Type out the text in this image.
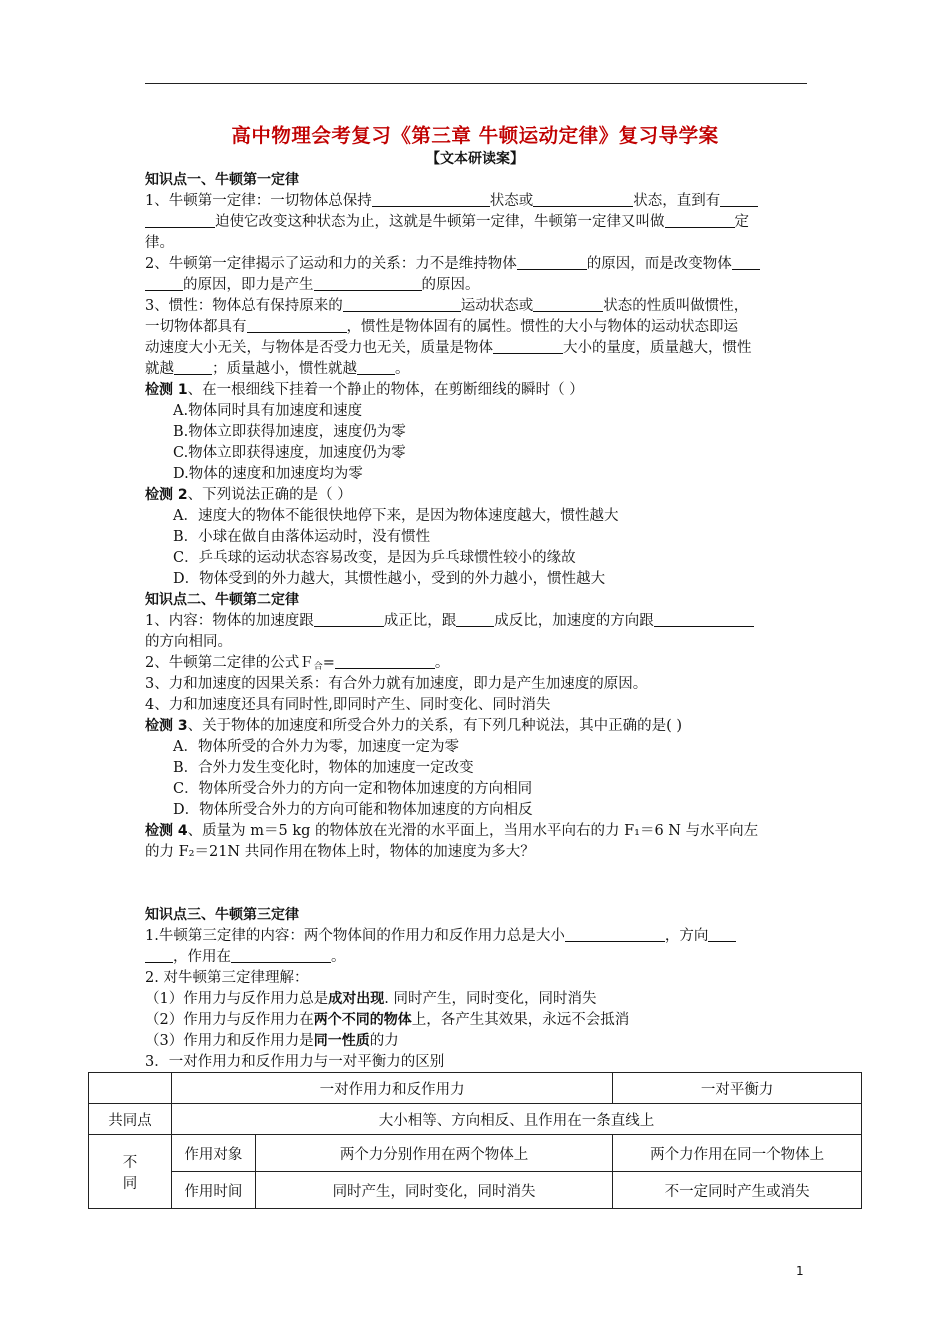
高中物理会考复习《第三章 牛顿运动定律》复习导学案
【文本研读案】
知识点一、牛顿第一定律
1、牛顿第一定律：一切物体总保持	状态或	状态，直到有
迫使它改变这种状态为止，这就是牛顿第一定律，牛顿第一定律又叫做	定
律。
2、牛顿第一定律揭示了运动和力的关系：力不是维持物体	的原因，而是改变物体
的原因，即力是产生	的原因。
3、惯性：物体总有保持原来的	运动状态或	状态的性质叫做惯性，
一切物体都具有	，惯性是物体固有的属性。惯性的大小与物体的运动状态即运
动速度大小无关，与物体是否受力也无关，质量是物体	大小的量度，质量越大，惯性
就越	；质量越小，惯性就越	。
检测 1、在一根细线下挂着一个静止的物体，在剪断细线的瞬时（ ）
A.物体同时具有加速度和速度
B.物体立即获得加速度，速度仍为零
C.物体立即获得速度，加速度仍为零
D.物体的速度和加速度均为零
检测 2、下列说法正确的是（ ）
A．速度大的物体不能很快地停下来，是因为物体速度越大，惯性越大
B．小球在做自由落体运动时，没有惯性
C．乒乓球的运动状态容易改变，是因为乒乓球惯性较小的缘故
D．物体受到的外力越大，其惯性越小，受到的外力越小，惯性越大
知识点二、牛顿第二定律
1、内容：物体的加速度跟	成正比，跟	成反比，加速度的方向跟
的方向相同。
2、牛顿第二定律的公式Ｆ$_合$=	。
3、力和加速度的因果关系：有合外力就有加速度，即力是产生加速度的原因。
4、力和加速度还具有同时性,即同时产生、同时变化、同时消失
检测 3、关于物体的加速度和所受合外力的关系，有下列几种说法，其中正确的是( )
A．物体所受的合外力为零，加速度一定为零
B．合外力发生变化时，物体的加速度一定改变
C．物体所受合外力的方向一定和物体加速度的方向相同
D．物体所受合外力的方向可能和物体加速度的方向相反
检测 4、质量为 m＝5 kg 的物体放在光滑的水平面上，当用水平向右的力 F₁＝6 N 与水平向左
的力 F₂＝21N 共同作用在物体上时，物体的加速度为多大？
知识点三、牛顿第三定律
1.牛顿第三定律的内容：两个物体间的作用力和反作用力总是大小	，方向
，作用在	。
2. 对牛顿第三定律理解：
（1）作用力与反作用力总是成对出现. 同时产生，同时变化，同时消失
（2）作用力与反作用力在两个不同的物体上，各产生其效果，永远不会抵消
（3）作用力和反作用力是同一性质的力
3．一对作用力和反作用力与一对平衡力的区别
	一对作用力和反作用力		一对平衡力
共同点	大小相等、方向相反、且作用在一条直线上		

不
同	作用对象	两个力分别作用在两个物体上	两个力作用在同一个物体上
	作用时间	同时产生，同时变化，同时消失	不一定同时产生或消失
1
